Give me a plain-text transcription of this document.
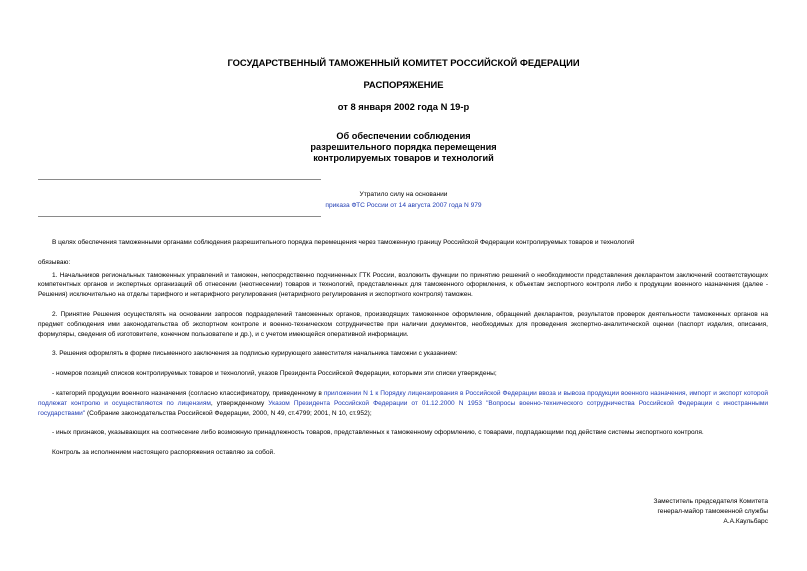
ГОСУДАРСТВЕННЫЙ ТАМОЖЕННЫЙ КОМИТЕТ РОССИЙСКОЙ ФЕДЕРАЦИИ
РАСПОРЯЖЕНИЕ
от 8 января 2002 года N 19-р
Об обеспечении соблюдения
разрешительного порядка перемещения
контролируемых товаров и технологий
Утратило силу на основании
приказа ФТС России от 14 августа 2007 года N 979

В целях обеспечения таможенными органами соблюдения разрешительного порядка перемещения через таможенную границу Российской Федерации контролируемых товаров и технологий

обязываю:

1. Начальников региональных таможенных управлений и таможен, непосредственно подчиненных ГТК России, возложить функции по принятию решений о необходимости представления декларантом заключений соответствующих компетентных органов и экспертных организаций об отнесении (неотнесении) товаров и технологий, представленных для таможенного оформления, к объектам экспортного контроля либо к продукции военного назначения (далее - Решения) исключительно на отделы тарифного и нетарифного регулирования (нетарифного регулирования и экспортного контроля) таможен.

2. Принятие Решения осуществлять на основании запросов подразделений таможенных органов, производящих таможенное оформление, обращений декларантов, результатов проверок деятельности таможенных органов на предмет соблюдения ими законодательства об экспортном контроле и военно-техническом сотрудничестве при наличии документов, необходимых для проведения экспертно-аналитической оценки (паспорт изделия, описания, формуляры, сведения об изготовителе, конечном пользователе и др.), и с учетом имеющейся оперативной информации.

3. Решения оформлять в форме письменного заключения за подписью курирующего заместителя начальника таможни с указанием:

- номеров позиций списков контролируемых товаров и технологий, указов Президента Российской Федерации, которыми эти списки утверждены;

- категорий продукции военного назначения (согласно классификатору, приведенному в приложении N 1 к Порядку лицензирования в Российской Федерации ввоза и вывоза продукции военного назначения, импорт и экспорт которой подлежат контролю и осуществляются по лицензиям, утвержденному Указом Президента Российской Федерации от 01.12.2000 N 1953 "Вопросы военно-технического сотрудничества Российской Федерации с иностранными государствами" (Собрание законодательства Российской Федерации, 2000, N 49, ст.4799; 2001, N 10, ст.952);

- иных признаков, указывающих на соотнесение либо возможную принадлежность товаров, представленных к таможенному оформлению, с товарами, подпадающими под действие системы экспортного контроля.

Контроль за исполнением настоящего распоряжения оставляю за собой.

Заместитель председателя Комитета
генерал-майор таможенной службы
А.А.Каульбарс
